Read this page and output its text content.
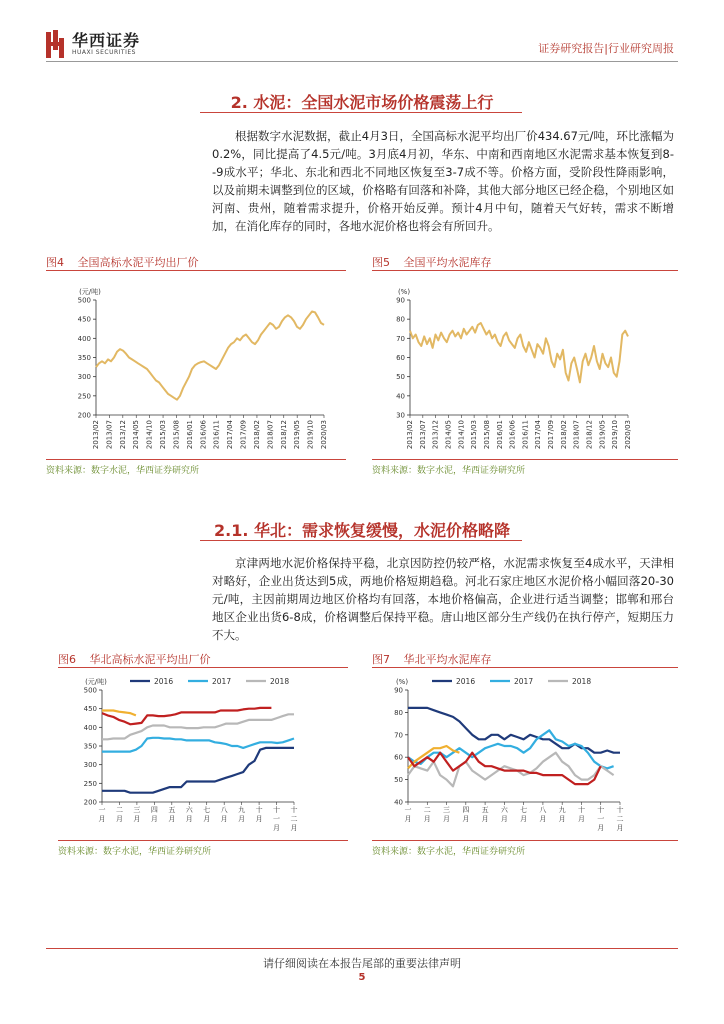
华西证券
HUAXI SECURITIES	证券研究报告|行业研究周报
2. 水泥：全国水泥市场价格震荡上行

根据数字水泥数据，截止4月3日，全国高标水泥平均出厂价434.67元/吨，环比涨幅为0.2%，同比提高了4.5元/吨。3月底4月初，华东、中南和西南地区水泥需求基本恢复到8--9成水平；华北、东北和西北不同地区恢复至3-7成不等。价格方面，受阶段性降雨影响，以及前期未调整到位的区域，价格略有回落和补降，其他大部分地区已经企稳，个别地区如河南、贵州，随着需求提升，价格开始反弹。预计4月中旬，随着天气好转，需求不断增加，在消化库存的同时，各地水泥价格也将会有所回升。

图4 全国高标水泥平均出厂价
(元/吨)
200
250
300
350
400
450
500
2013/02 2013/07 2013/12 2014/05 2014/10 2015/03 2015/08 2016/01 2016/06 2016/11 2017/04 2017/09 2018/02 2018/07 2018/12 2019/05 2019/10 2020/03
资料来源：数字水泥，华西证券研究所
图5 全国平均水泥库存
(%)
30
40
50
60
70
80
90
2013/02 2013/07 2013/12 2014/05 2014/10 2015/03 2015/08 2016/01 2016/06 2016/11 2017/04 2017/09 2018/02 2018/07 2018/12 2019/05 2019/10 2020/03
资料来源：数字水泥，华西证券研究所
2.1. 华北：需求恢复缓慢，水泥价格略降

京津两地水泥价格保持平稳，北京因防控仍较严格，水泥需求恢复至4成水平，天津相对略好，企业出货达到5成，两地价格短期趋稳。河北石家庄地区水泥价格小幅回落20-30元/吨，主因前期周边地区价格均有回落，本地价格偏高，企业进行适当调整；邯郸和邢台地区企业出货6-8成，价格调整后保持平稳。唐山地区部分生产线仍在执行停产，短期压力不大。

图6 华北高标水泥平均出厂价
(元/吨)
200
250
300
350
400
450
500
一月
二月
三月
四月
五月
六月
七月
八月
九月
十月
十一月
十二月
2016	2017	2018
资料来源：数字水泥，华西证券研究所
图7 华北平均水泥库存
(%)
40
50
60
70
80
90
一月
二月
三月
四月
五月
六月
七月
八月
九月
十月
十一月
十二月
2016	2017	2018
资料来源：数字水泥，华西证券研究所
请仔细阅读在本报告尾部的重要法律声明
5
